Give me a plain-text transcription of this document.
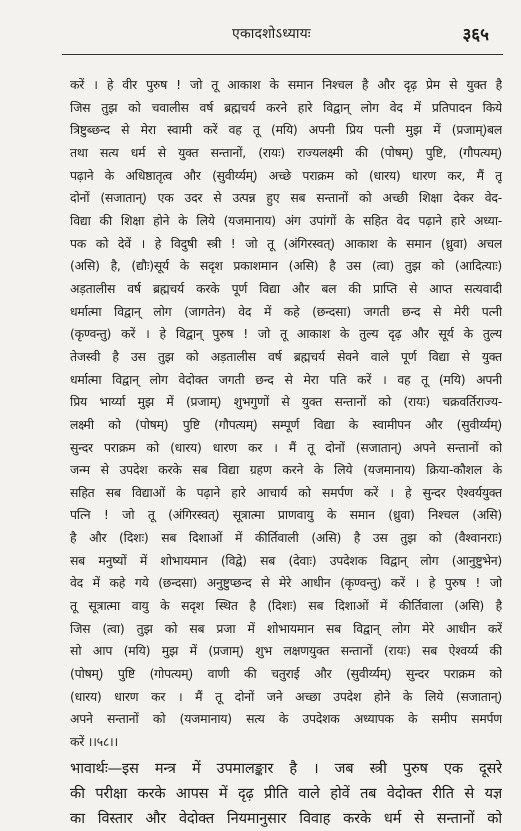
एकादशोऽध्यायः	३६५
करें । हे वीर पुरुष ! जो तू आकाश के समान निश्चल है और दृढ़ प्रेम से युक्त है
जिस तुझ को चवालीस वर्ष ब्रह्मचर्य करने हारे विद्वान् लोग वेद में प्रतिपादन किये
त्रिष्टुब्छन्द से मेरा स्वामी करें वह तू (मयि) अपनी प्रिय पत्नी मुझ में (प्रजाम्)बल
तथा सत्य धर्म से युक्त सन्तानों, (रायः) राज्यलक्ष्मी की (पोषम्) पुष्टि, (गौपत्यम्)
पढ़ाने के अधिष्ठातृत्व और (सुवीर्य्यम्) अच्छे पराक्रम को (धारय) धारण कर, मैं तू
दोनों (सजातान्) एक उदर से उत्पन्न हुए सब सन्तानों को अच्छी शिक्षा देकर वेद-
विद्या की शिक्षा होने के लिये (यजमानाय) अंग उपांगों के सहित वेद पढ़ाने हारे अध्या-
पक को देवें । हे विदुषी स्त्री ! जो तू (अंगिरस्वत्) आकाश के समान (ध्रुवा) अचल
(असि) है, (द्यौः)सूर्य के सदृश प्रकाशमान (असि) है उस (त्वा) तुझ को (आदित्याः)
अड़तालीस वर्ष ब्रह्मचर्य करके पूर्ण विद्या और बल की प्राप्ति से आप्त सत्यवादी
धर्मात्मा विद्वान् लोग (जागतेन) वेद में कहे (छन्दसा) जगती छन्द से मेरी पत्नी
(कृण्वन्तु) करें । हे विद्वान् पुरुष ! जो तू आकाश के तुल्य दृढ़ और सूर्य के तुल्य
तेजस्वी है उस तुझ को अड़तालीस वर्ष ब्रह्मचर्य सेवने वाले पूर्ण विद्या से युक्त
धर्मात्मा विद्वान् लोग वेदोक्त जगती छन्द से मेरा पति करें । वह तू (मयि) अपनी
प्रिय भार्य्या मुझ में (प्रजाम्) शुभगुणों से युक्त सन्तानों को (रायः) चक्रवर्तिराज्य-
लक्ष्मी को (पोषम्) पुष्टि (गौपत्यम्) सम्पूर्ण विद्या के स्वामीपन और (सुवीर्य्यम्)
सुन्दर पराक्रम को (धारय) धारण कर । मैं तू दोनों (सजातान्) अपने सन्तानों को
जन्म से उपदेश करके सब विद्या ग्रहण करने के लिये (यजमानाय) क्रिया-कौशल के
सहित सब विद्याओं के पढ़ाने हारे आचार्य को समर्पण करें । हे सुन्दर ऐश्वर्ययुक्त
पत्नि ! जो तू (अंगिरस्वत्) सूत्रात्मा प्राणवायु के समान (ध्रुवा) निश्चल (असि)
है और (दिशः) सब दिशाओं में कीर्तिवाली (असि) है उस तुझ को (वैश्वानराः)
सब मनुष्यों में शोभायमान (विद्वे) सब (देवाः) उपदेशक विद्वान् लोग (आनुष्टुभेन)
वेद में कहे गये (छन्दसा) अनुष्टुप्छन्द से मेरे आधीन (कृण्वन्तु) करें । हे पुरुष ! जो
तू सूत्रात्मा वायु के सदृश स्थित है (दिशः) सब दिशाओं में कीर्तिवाला (असि) है
जिस (त्वा) तुझ को सब प्रजा में शोभायमान सब विद्वान् लोग मेरे आधीन करें
सो आप (मयि) मुझ में (प्रजाम्) शुभ लक्षणयुक्त सन्तानों (रायः) सब ऐश्वर्य्य की
(पोषम्) पुष्टि (गोपत्यम्) वाणी की चतुराई और (सुवीर्य्यम्) सुन्दर पराक्रम को
(धारय) धारण कर । मैं तू दोनों जने अच्छा उपदेश होने के लिये (सजातान्)
अपने सन्तानों को (यजमानाय) सत्य के उपदेशक अध्यापक के समीप समर्पण
करें ।।५८।।
भावार्थः—इस मन्त्र में उपमालङ्कार है । जब स्त्री पुरुष एक दूसरे
की परीक्षा करके आपस में दृढ़ प्रीति वाले होवें तब वेदोक्त रीति से यज्ञ
का विस्तार और वेदोक्त नियमानुसार विवाह करके धर्म से सन्तानों को
